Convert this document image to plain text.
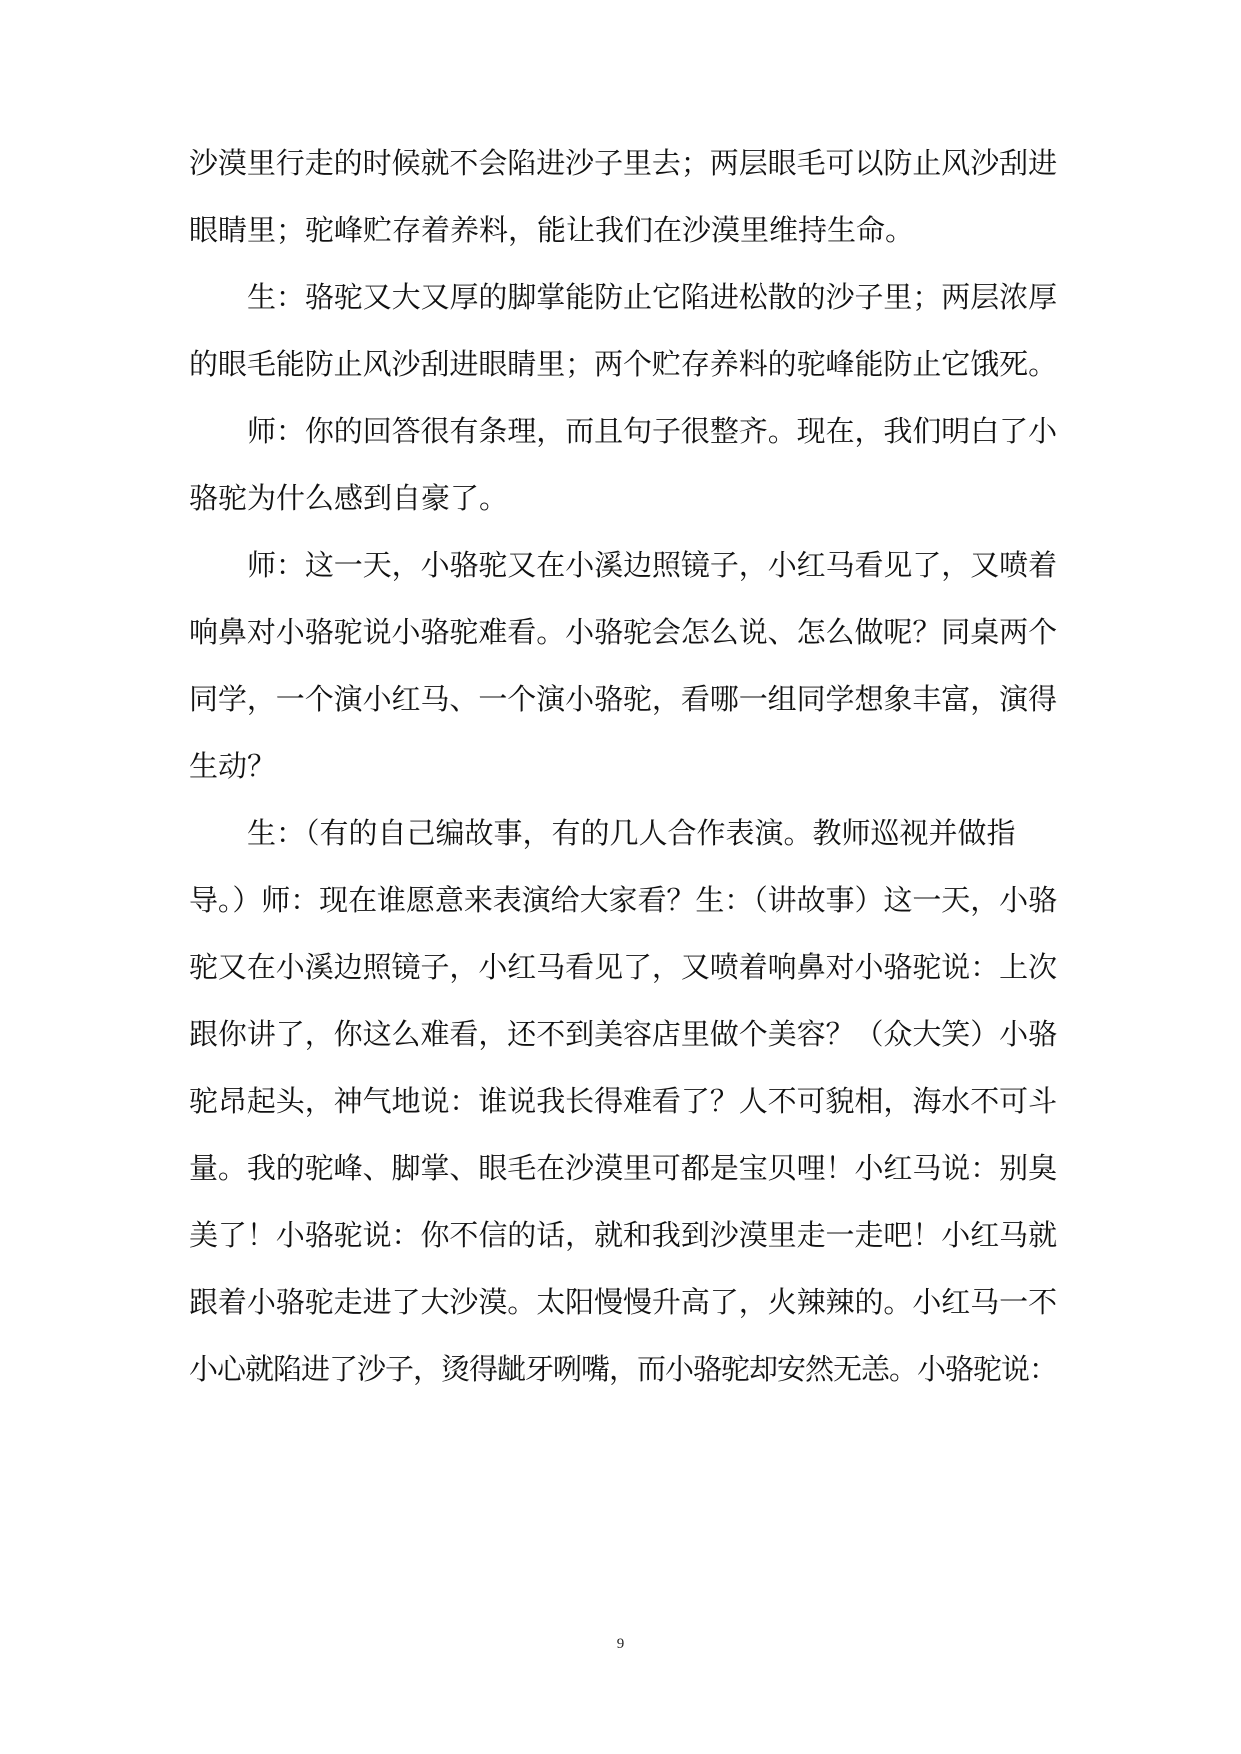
沙漠里行走的时候就不会陷进沙子里去；两层眼毛可以防止风沙刮进
眼睛里；驼峰贮存着养料，能让我们在沙漠里维持生命。
生：骆驼又大又厚的脚掌能防止它陷进松散的沙子里；两层浓厚
的眼毛能防止风沙刮进眼睛里；两个贮存养料的驼峰能防止它饿死。
师：你的回答很有条理，而且句子很整齐。现在，我们明白了小
骆驼为什么感到自豪了。
师：这一天，小骆驼又在小溪边照镜子，小红马看见了，又喷着
响鼻对小骆驼说小骆驼难看。小骆驼会怎么说、怎么做呢？同桌两个
同学，一个演小红马、一个演小骆驼，看哪一组同学想象丰富，演得
生动？
生：（有的自己编故事，有的几人合作表演。教师巡视并做指
导。）师：现在谁愿意来表演给大家看？生：（讲故事）这一天，小骆
驼又在小溪边照镜子，小红马看见了，又喷着响鼻对小骆驼说：上次
跟你讲了，你这么难看，还不到美容店里做个美容？（众大笑）小骆
驼昂起头，神气地说：谁说我长得难看了？人不可貌相，海水不可斗
量。我的驼峰、脚掌、眼毛在沙漠里可都是宝贝哩！小红马说：别臭
美了！小骆驼说：你不信的话，就和我到沙漠里走一走吧！小红马就
跟着小骆驼走进了大沙漠。太阳慢慢升高了，火辣辣的。小红马一不
小心就陷进了沙子，烫得龇牙咧嘴，而小骆驼却安然无恙。小骆驼说：
9
